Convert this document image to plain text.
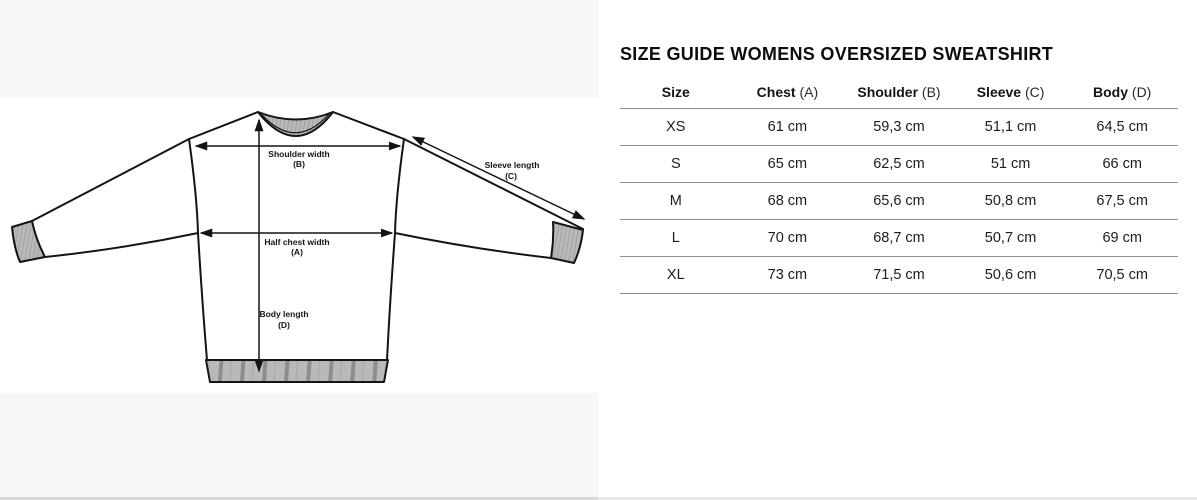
Shoulder width
(B)
Half chest width
(A)
Body length
(D)
Sleeve length
(C)
SIZE GUIDE WOMENS OVERSIZED SWEATSHIRT
Size	Chest (A)	Shoulder (B)	Sleeve (C)	Body (D)
XS	61 cm	59,3 cm	51,1 cm	64,5 cm
S	65 cm	62,5 cm	51 cm	66 cm
M	68 cm	65,6 cm	50,8 cm	67,5 cm
L	70 cm	68,7 cm	50,7 cm	69 cm
XL	73 cm	71,5 cm	50,6 cm	70,5 cm
